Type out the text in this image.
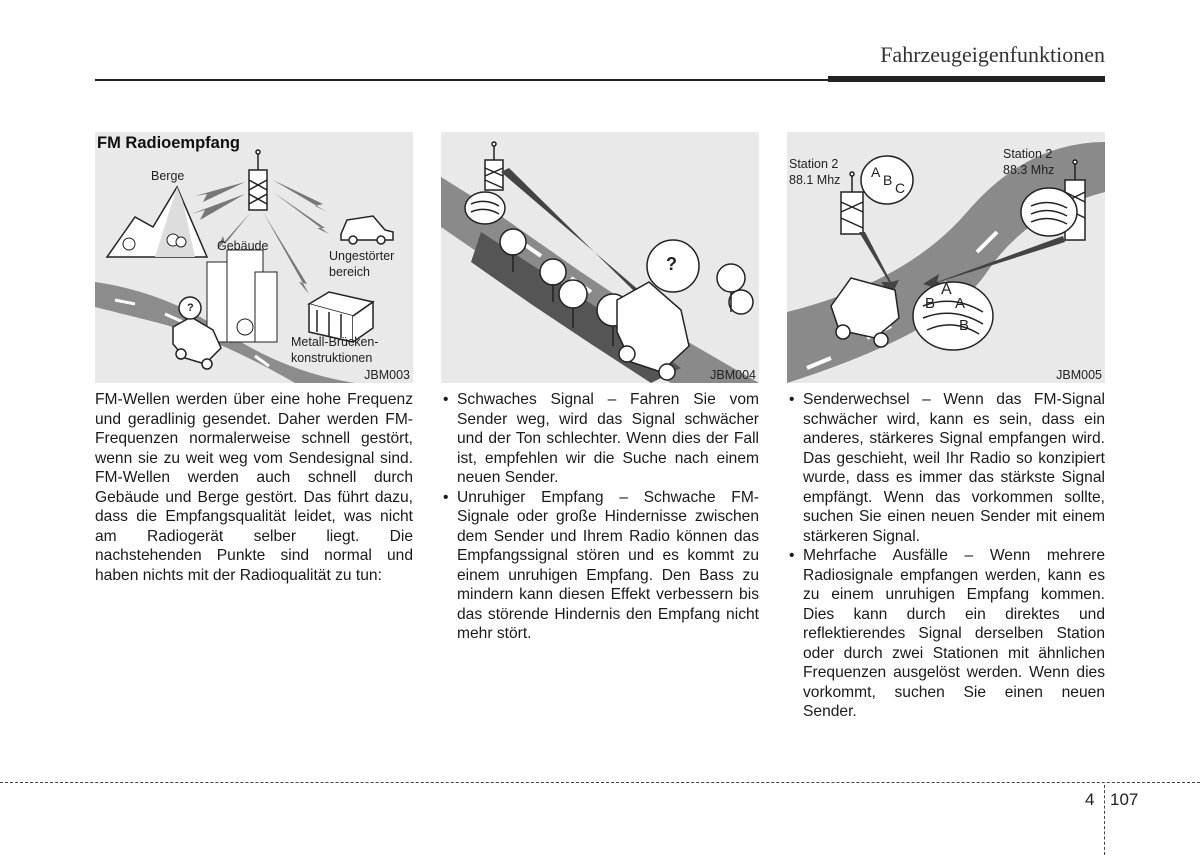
Fahrzeugeigenfunktionen
FM Radioempfang
Berge
Gebäude
Ungestörter
bereich
Metall-Brücken-
konstruktionen
?
JBM003
?
JBM004
Station 2
88.1 Mhz
Station 2
88.3 Mhz
A B C
A
B A
B
JBM005

FM-Wellen werden über eine hohe Frequenz und geradlinig gesendet. Daher werden FM-Frequenzen normalerweise schnell gestört, wenn sie zu weit weg vom Sendesignal sind. FM-Wellen werden auch schnell durch Gebäude und Berge gestört. Das führt dazu, dass die Empfangsqualität leidet, was nicht am Radiogerät selber liegt. Die nachstehenden Punkte sind normal und haben nichts mit der Radioqualität zu tun:

• Schwaches Signal – Fahren Sie vom Sender weg, wird das Signal schwächer und der Ton schlechter. Wenn dies der Fall ist, empfehlen wir die Suche nach einem neuen Sender.
• Unruhiger Empfang – Schwache FM-Signale oder große Hindernisse zwischen dem Sender und Ihrem Radio können das Empfangssignal stören und es kommt zu einem unruhigen Empfang. Den Bass zu mindern kann diesen Effekt verbessern bis das störende Hindernis den Empfang nicht mehr stört.
• Senderwechsel – Wenn das FM-Signal schwächer wird, kann es sein, dass ein anderes, stärkeres Signal empfangen wird. Das geschieht, weil Ihr Radio so konzipiert wurde, dass es immer das stärkste Signal empfängt. Wenn das vorkommen sollte, suchen Sie einen neuen Sender mit einem stärkeren Signal.
• Mehrfache Ausfälle – Wenn mehrere Radiosignale empfangen werden, kann es zu einem unruhigen Empfang kommen. Dies kann durch ein direktes und reflektierendes Signal derselben Station oder durch zwei Stationen mit ähnlichen Frequenzen ausgelöst werden. Wenn dies vorkommt, suchen Sie einen neuen Sender.
4 107
